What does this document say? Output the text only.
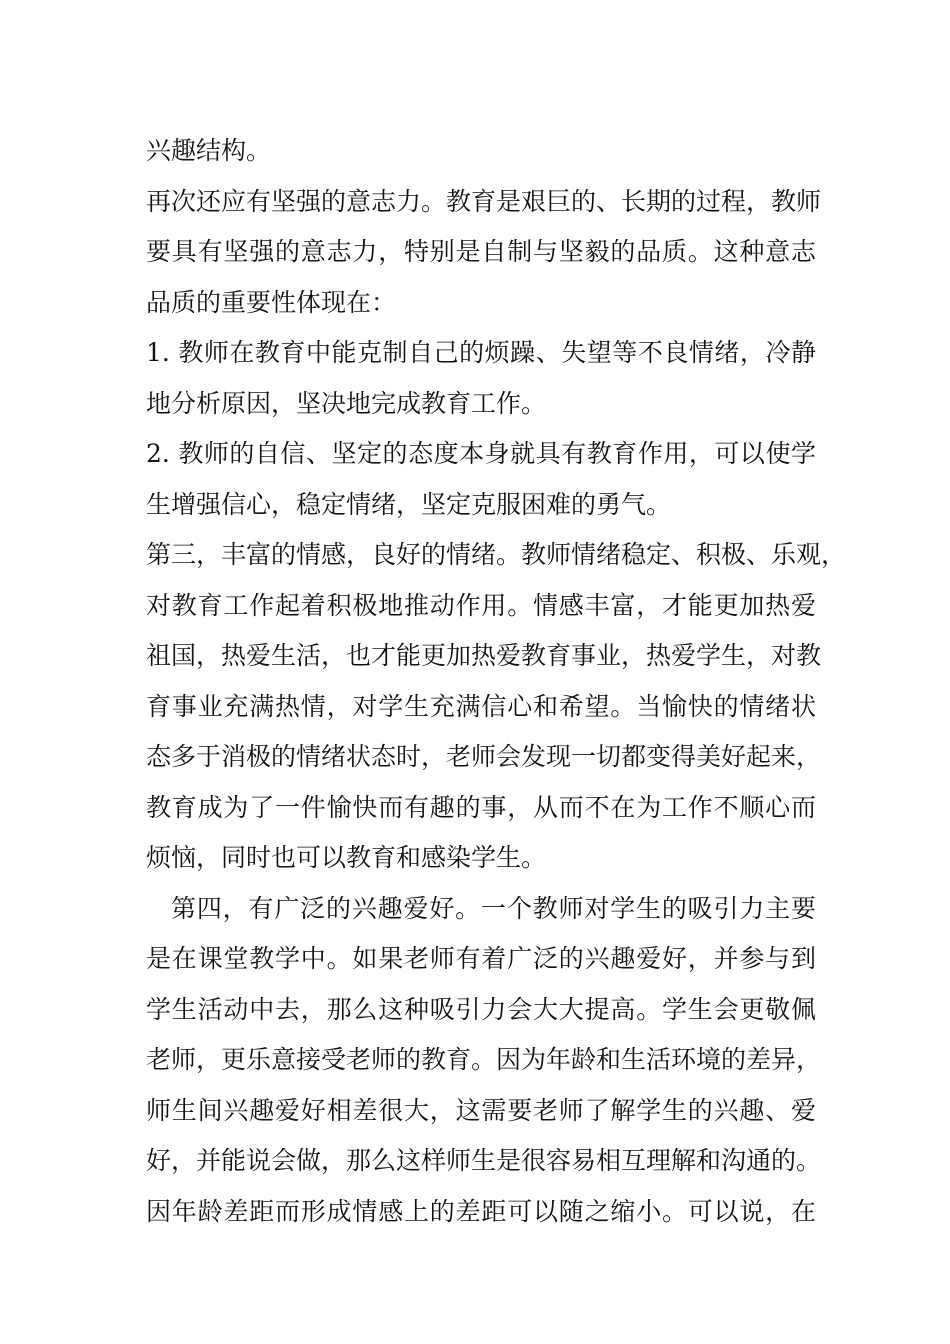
兴趣结构。
再次还应有坚强的意志力。教育是艰巨的、长期的过程，教师
要具有坚强的意志力，特别是自制与坚毅的品质。这种意志
品质的重要性体现在：
1. 教师在教育中能克制自己的烦躁、失望等不良情绪，冷静
地分析原因，坚决地完成教育工作。
2. 教师的自信、坚定的态度本身就具有教育作用，可以使学
生增强信心，稳定情绪，坚定克服困难的勇气。
第三，丰富的情感，良好的情绪。教师情绪稳定、积极、乐观，
对教育工作起着积极地推动作用。情感丰富，才能更加热爱
祖国，热爱生活，也才能更加热爱教育事业，热爱学生，对教
育事业充满热情，对学生充满信心和希望。当愉快的情绪状
态多于消极的情绪状态时，老师会发现一切都变得美好起来，
教育成为了一件愉快而有趣的事，从而不在为工作不顺心而
烦恼，同时也可以教育和感染学生。
第四，有广泛的兴趣爱好。一个教师对学生的吸引力主要
是在课堂教学中。如果老师有着广泛的兴趣爱好，并参与到
学生活动中去，那么这种吸引力会大大提高。学生会更敬佩
老师，更乐意接受老师的教育。因为年龄和生活环境的差异，
师生间兴趣爱好相差很大，这需要老师了解学生的兴趣、爱
好，并能说会做，那么这样师生是很容易相互理解和沟通的。
因年龄差距而形成情感上的差距可以随之缩小。可以说，在
